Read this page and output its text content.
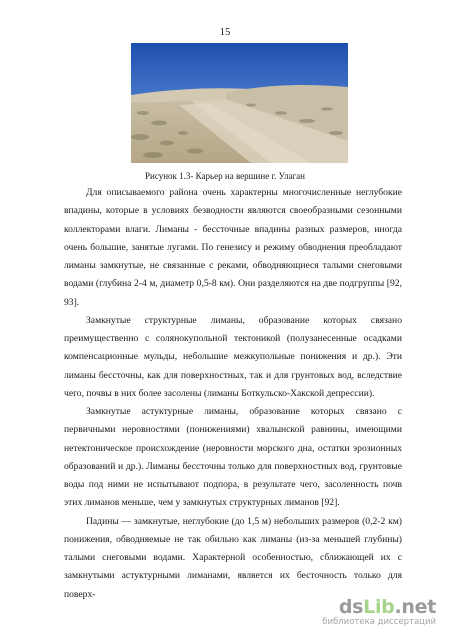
15
Рисунок 1.3- Карьер на вершине г. Улаган

Для описываемого района очень характерны многочисленные неглубокие впадины, которые в условиях безводности являются своеобразными сезонными коллекторами влаги. Лиманы - бессточные впадины разных размеров, иногда очень большие, занятые лугами. По генезису и режиму обводнения преобладают лиманы замкнутые, не связанные с реками, обводняющиеся талыми снеговыми водами (глубина 2-4 м, диаметр 0,5-8 км). Они разделяются на две подгруппы [92, 93].

Замкнутые структурные лиманы, образование которых связано преимущественно с солянокупольной тектоникой (полузанесенные осадками компенсационные мульды, небольшие межкупольные понижения и др.). Эти лиманы бессточны, как для поверхностных, так и для грунтовых вод, вследствие чего, почвы в них более засолены (лиманы Боткульско-Хакской депрессии).

Замкнутые астуктурные лиманы, образование которых связано с первичными неровностями (понижениями) хвалынской равнины, имеющими нетектоническое происхождение (неровности морского дна, остатки эрозионных образований и др.). Лиманы бессточны только для поверхностных вод, грунтовые воды под ними не испытывают подпора, в результате чего, засоленность почв этих лиманов меньше, чем у замкнутых структурных лиманов [92].

Падины — замкнутые, неглубокие (до 1,5 м) небольших размеров (0,2-2 км) понижения, обводняемые не так обильно как лиманы (из-за меньшей глубины) талыми снеговыми водами. Характерной особенностью, сближающей их с замкнутыми астуктурными лиманами, является их бесточность только для поверх-

dsLib.net
библиотека диссертаций
